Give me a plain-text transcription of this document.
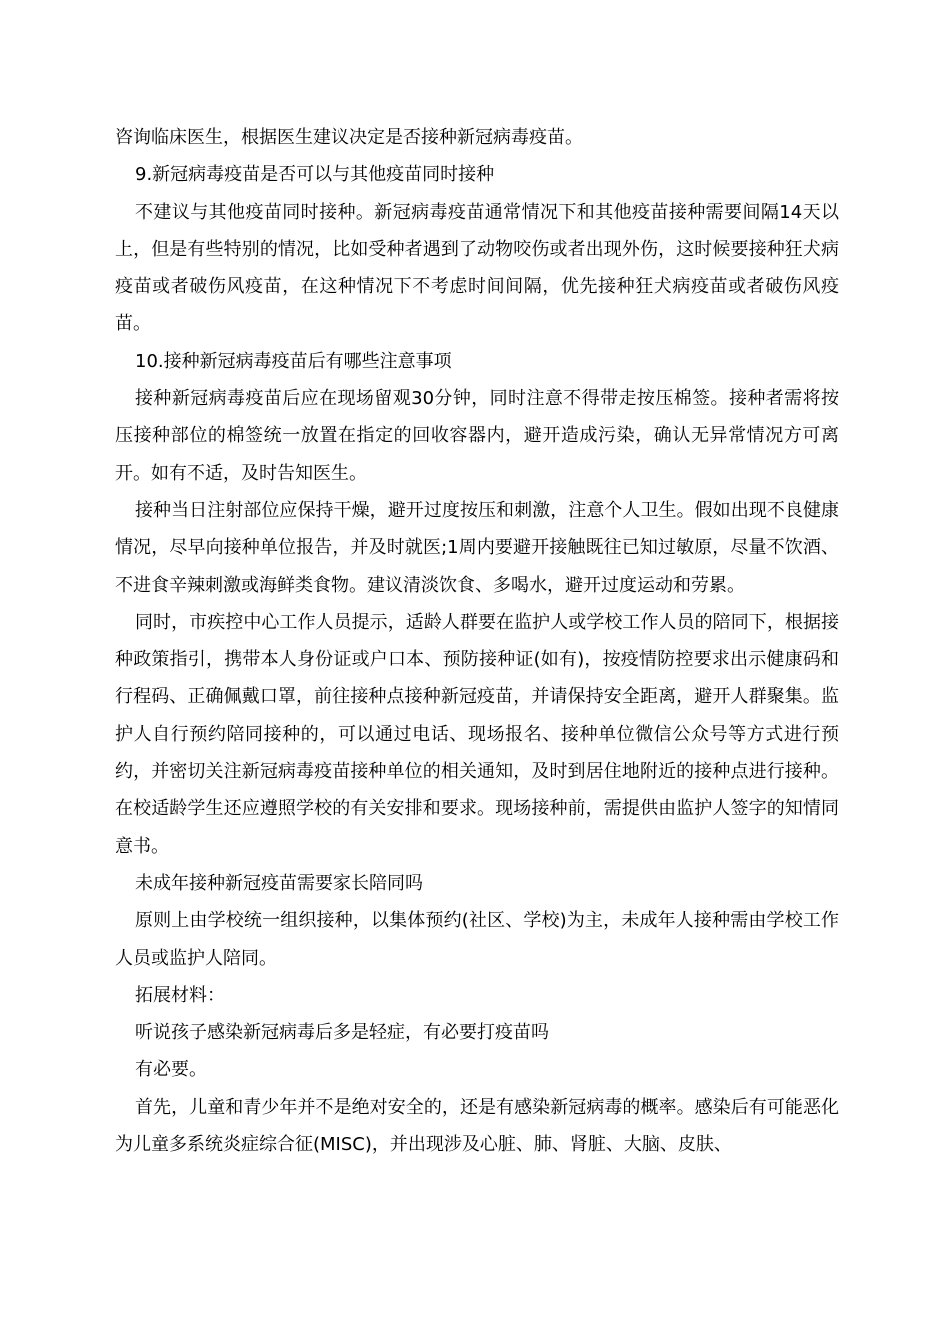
咨询临床医生，根据医生建议决定是否接种新冠病毒疫苗。

9.新冠病毒疫苗是否可以与其他疫苗同时接种

不建议与其他疫苗同时接种。新冠病毒疫苗通常情况下和其他疫苗接种需要间隔14天以上，但是有些特别的情况，比如受种者遇到了动物咬伤或者出现外伤，这时候要接种狂犬病疫苗或者破伤风疫苗，在这种情况下不考虑时间间隔，优先接种狂犬病疫苗或者破伤风疫苗。

10.接种新冠病毒疫苗后有哪些注意事项

接种新冠病毒疫苗后应在现场留观30分钟，同时注意不得带走按压棉签。接种者需将按压接种部位的棉签统一放置在指定的回收容器内，避开造成污染，确认无异常情况方可离开。如有不适，及时告知医生。

接种当日注射部位应保持干燥，避开过度按压和刺激，注意个人卫生。假如出现不良健康情况，尽早向接种单位报告，并及时就医;1周内要避开接触既往已知过敏原，尽量不饮酒、不进食辛辣刺激或海鲜类食物。建议清淡饮食、多喝水，避开过度运动和劳累。

同时，市疾控中心工作人员提示，适龄人群要在监护人或学校工作人员的陪同下，根据接种政策指引，携带本人身份证或户口本、预防接种证(如有)，按疫情防控要求出示健康码和行程码、正确佩戴口罩，前往接种点接种新冠疫苗，并请保持安全距离，避开人群聚集。监护人自行预约陪同接种的，可以通过电话、现场报名、接种单位微信公众号等方式进行预约，并密切关注新冠病毒疫苗接种单位的相关通知，及时到居住地附近的接种点进行接种。在校适龄学生还应遵照学校的有关安排和要求。现场接种前，需提供由监护人签字的知情同意书。

未成年接种新冠疫苗需要家长陪同吗

原则上由学校统一组织接种，以集体预约(社区、学校)为主，未成年人接种需由学校工作人员或监护人陪同。

拓展材料：

听说孩子感染新冠病毒后多是轻症，有必要打疫苗吗

有必要。

首先，儿童和青少年并不是绝对安全的，还是有感染新冠病毒的概率。感染后有可能恶化为儿童多系统炎症综合征(MISC)，并出现涉及心脏、肺、肾脏、大脑、皮肤、
